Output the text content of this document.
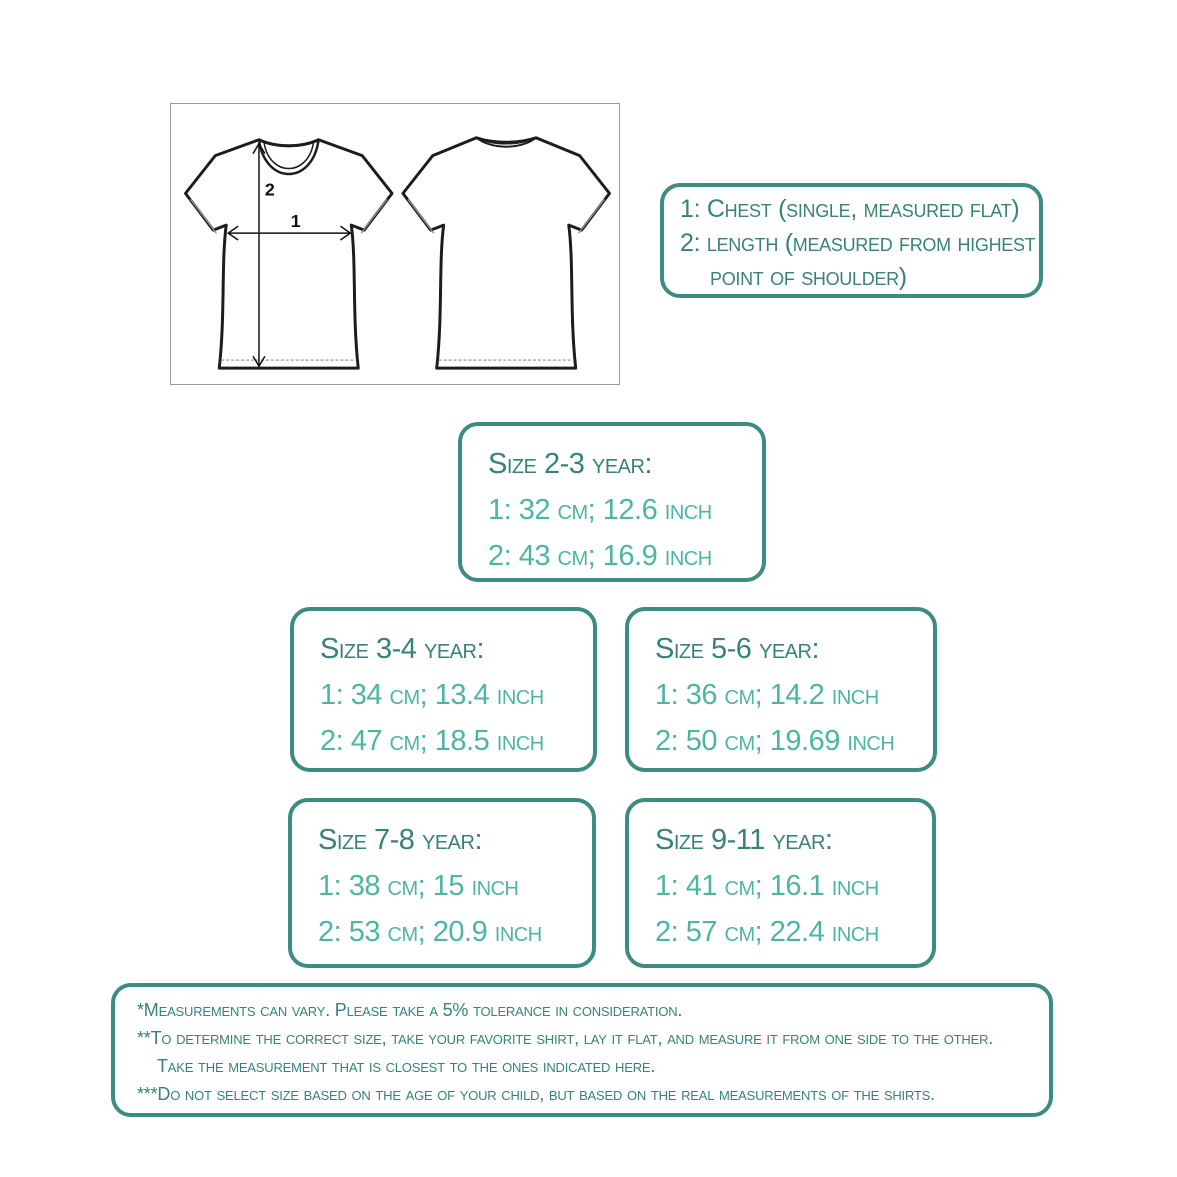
2
1	1: Chest (single, measured flat)
2: length (measured from highest
point of shoulder)
Size 2-3 year:
1: 32 cm; 12.6 inch
2: 43 cm; 16.9 inch
Size 3-4 year:
1: 34 cm; 13.4 inch
2: 47 cm; 18.5 inch
Size 5-6 year:
1: 36 cm; 14.2 inch
2: 50 cm; 19.69 inch
Size 7-8 year:
1: 38 cm; 15 inch
2: 53 cm; 20.9 inch
Size 9-11 year:
1: 41 cm; 16.1 inch
2: 57 cm; 22.4 inch
*Measurements can vary. Please take a 5% tolerance in consideration.
**To determine the correct size, take your favorite shirt, lay it flat, and measure it from one side to the other.
Take the measurement that is closest to the ones indicated here.
***Do not select size based on the age of your child, but based on the real measurements of the shirts.
